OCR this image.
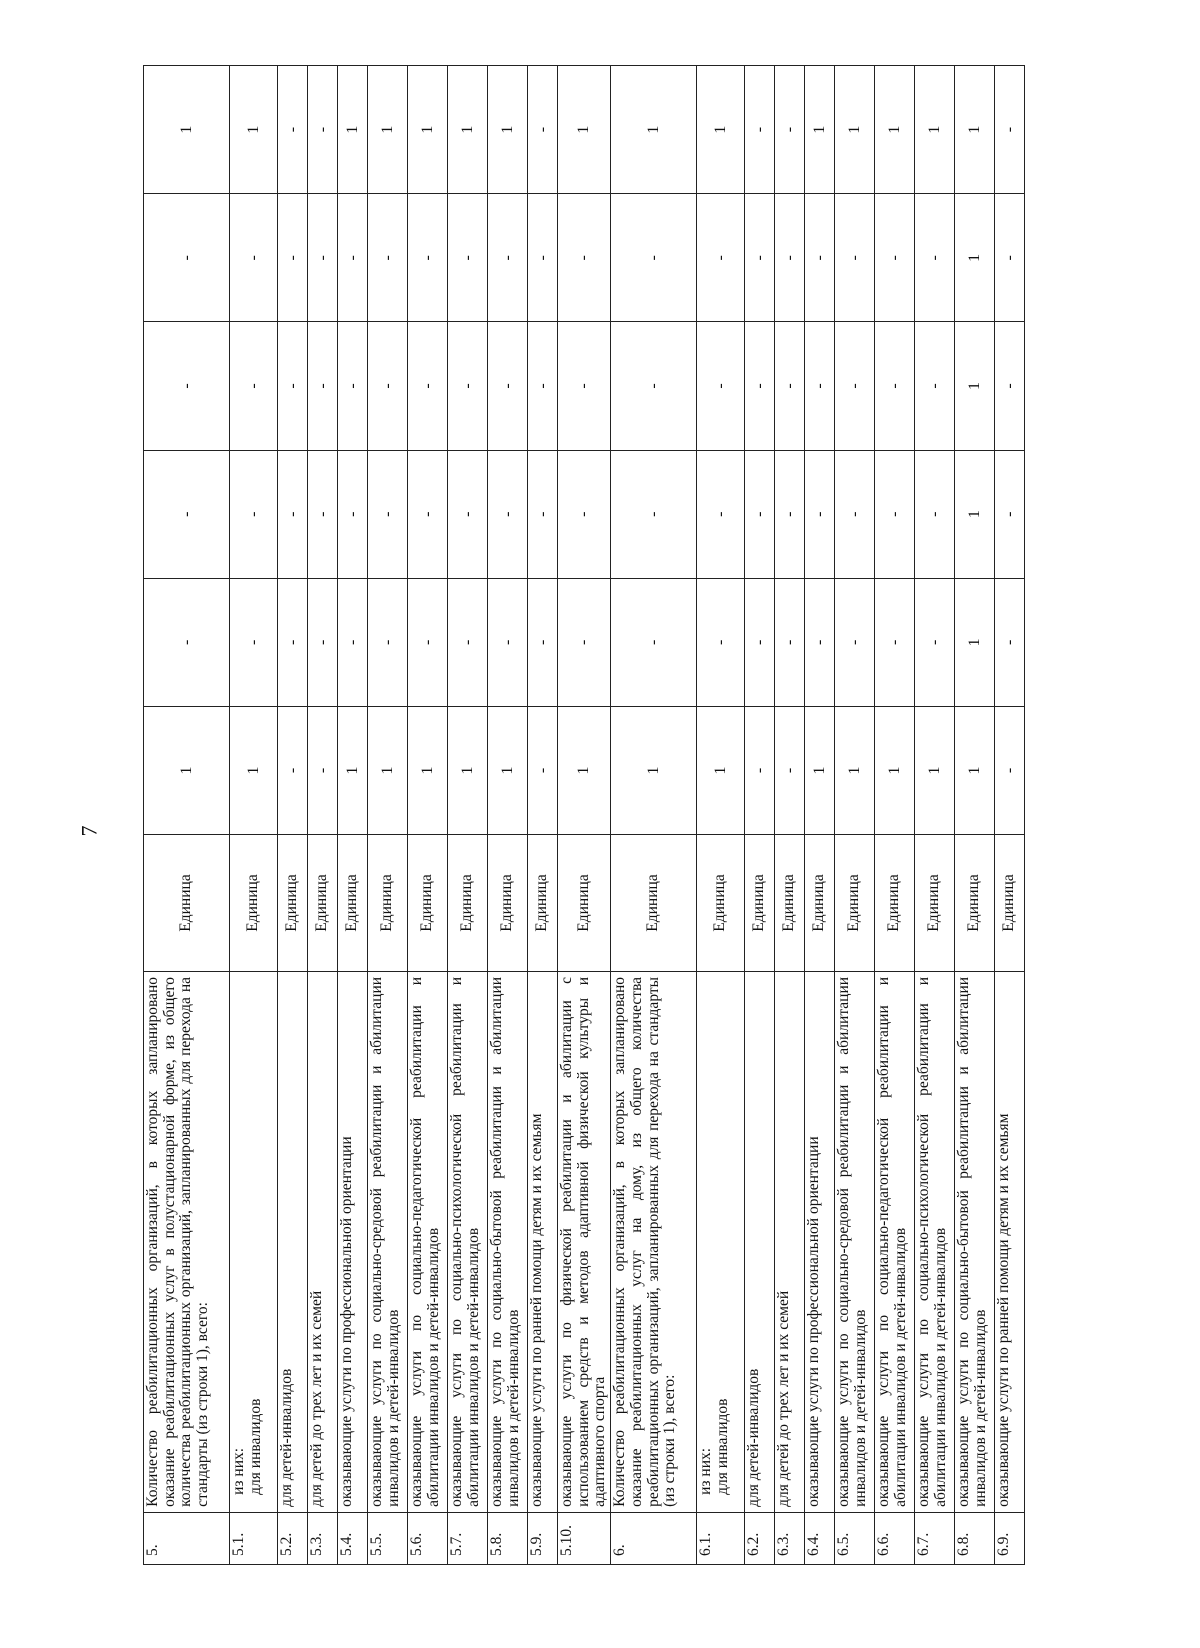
7
5.	Количество реабилитационных организаций, в которых запланировано оказание реабилитационных услуг в полустационарной форме, из общего количества реабилитационных организаций, запланированных для перехода на стандарты (из строки 1), всего:	Единица	1	-	-	-	-	1
5.1.	из них: для инвалидов	Единица	1	-	-	-	-	1
5.2.	для детей-инвалидов	Единица	-	-	-	-	-	-
5.3.	для детей до трех лет и их семей	Единица	-	-	-	-	-	-
5.4.	оказывающие услуги по профессиональной ориентации	Единица	1	-	-	-	-	1
5.5.	оказывающие услуги по социально-средовой реабилитации и абилитации инвалидов и детей-инвалидов	Единица	1	-	-	-	-	1
5.6.	оказывающие услуги по социально-педагогической реабилитации и абилитации инвалидов и детей-инвалидов	Единица	1	-	-	-	-	1
5.7.	оказывающие услуги по социально-психологической реабилитации и абилитации инвалидов и детей-инвалидов	Единица	1	-	-	-	-	1
5.8.	оказывающие услуги по социально-бытовой реабилитации и абилитации инвалидов и детей-инвалидов	Единица	1	-	-	-	-	1
5.9.	оказывающие услуги по ранней помощи детям и их семьям	Единица	-	-	-	-	-	-
5.10.	оказывающие услуги по физической реабилитации и абилитации с использованием средств и методов адаптивной физической культуры и адаптивного спорта	Единица	1	-	-	-	-	1
6.	Количество реабилитационных организаций, в которых запланировано оказание реабилитационных услуг на дому, из общего количества реабилитационных организаций, запланированных для перехода на стандарты (из строки 1), всего:	Единица	1	-	-	-	-	1
6.1.	из них: для инвалидов	Единица	1	-	-	-	-	1
6.2.	для детей-инвалидов	Единица	-	-	-	-	-	-
6.3.	для детей до трех лет и их семей	Единица	-	-	-	-	-	-
6.4.	оказывающие услуги по профессиональной ориентации	Единица	1	-	-	-	-	1
6.5.	оказывающие услуги по социально-средовой реабилитации и абилитации инвалидов и детей-инвалидов	Единица	1	-	-	-	-	1
6.6.	оказывающие услуги по социально-педагогической реабилитации и абилитации инвалидов и детей-инвалидов	Единица	1	-	-	-	-	1
6.7.	оказывающие услуги по социально-психологической реабилитации и абилитации инвалидов и детей-инвалидов	Единица	1	-	-	-	-	1
6.8.	оказывающие услуги по социально-бытовой реабилитации и абилитации инвалидов и детей-инвалидов	Единица	1	1	1	1	1	1
6.9.	оказывающие услуги по ранней помощи детям и их семьям	Единица	-	-	-	-	-	-
